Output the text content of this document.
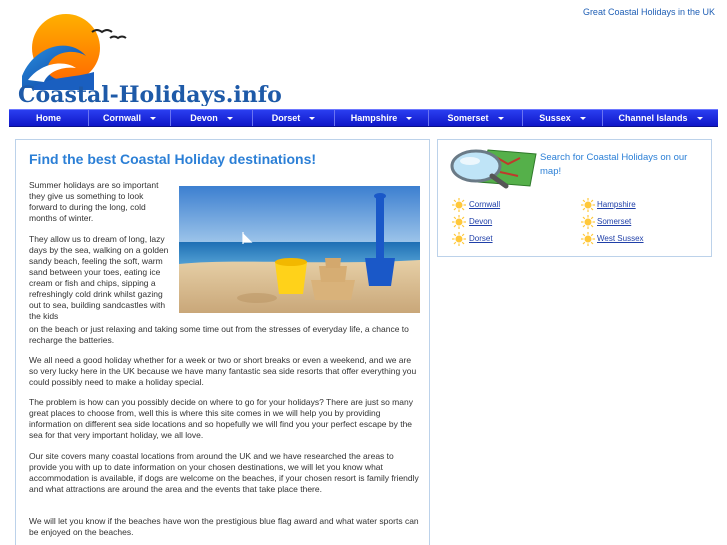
Coastal-Holidays.info
Great Coastal Holidays in the UK
Home	Cornwall	Devon	Dorset	Hampshire	Somerset	Sussex	Channel Islands
Find the best Coastal Holiday destinations!
Summer holidays are so important they give us something to look forward to during the long, cold months of winter.
They allow us to dream of long, lazy days by the sea, walking on a golden sandy beach, feeling the soft, warm sand between your toes, eating ice cream or fish and chips, sipping a refreshingly cold drink whilst gazing out to sea, building sandcastles with the kids
on the beach or just relaxing and taking some time out from the stresses of everyday life, a chance to recharge the batteries.
We all need a good holiday whether for a week or two or short breaks or even a weekend, and we are so very lucky here in the UK because we have many fantastic sea side resorts that offer everything you could possibly need to make a holiday special.
The problem is how can you possibly decide on where to go for your holidays? There are just so many great places to choose from, well this is where this site comes in we will help you by providing information on different sea side locations and so hopefully we will find you your perfect escape by the sea for that very important holiday, we all love.
Our site covers many coastal locations from around the UK and we have researched the areas to provide you with up to date information on your chosen destinations, we will let you know what accommodation is available, if dogs are welcome on the beaches, if your chosen resort is family friendly and what attractions are around the area and the events that take place there.
We will let you know if the beaches have won the prestigious blue flag award and what water sports can be enjoyed on the beaches.
Search for Coastal Holidays on our map!
Cornwall	Hampshire
Devon	Somerset
Dorset	West Sussex
